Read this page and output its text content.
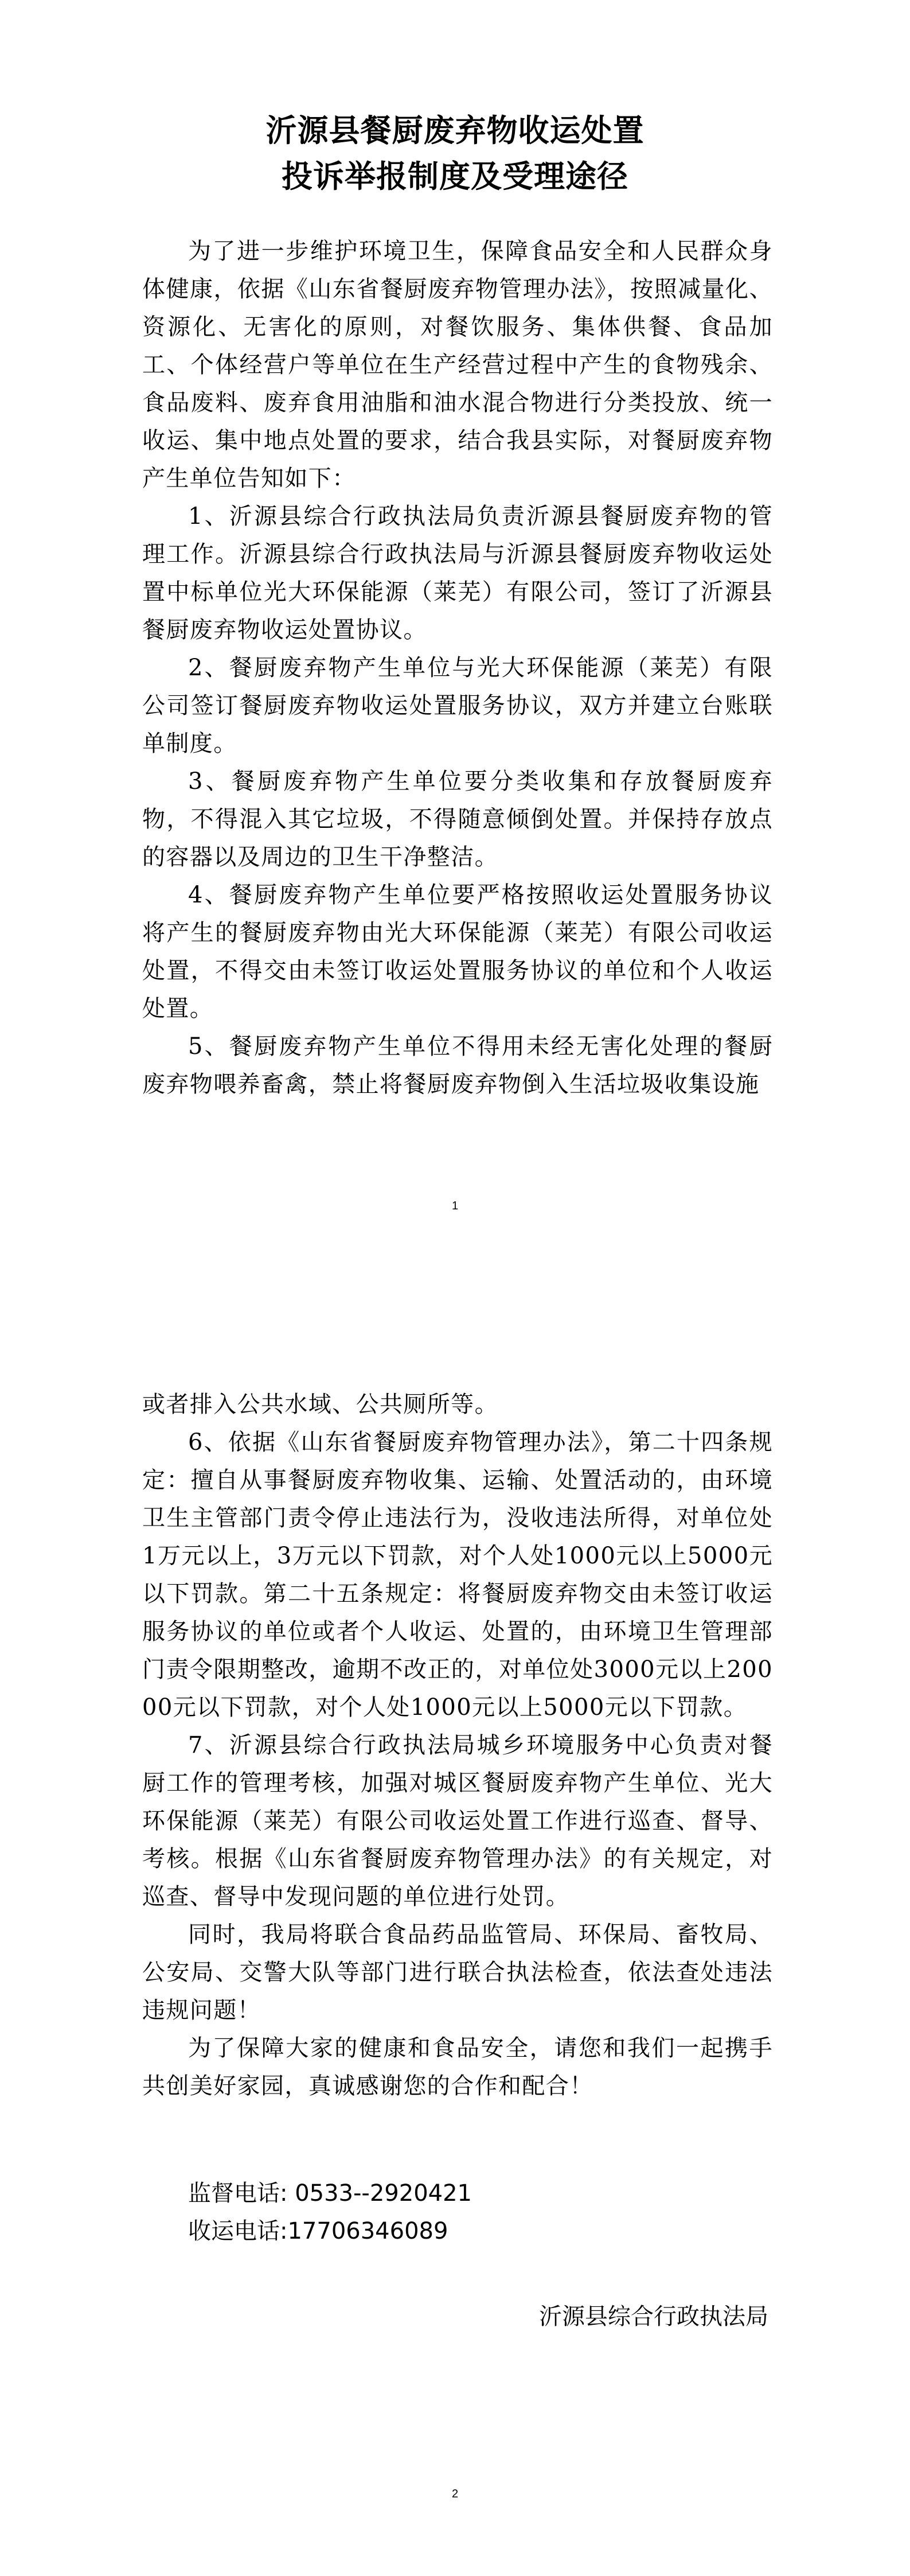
沂源县餐厨废弃物收运处置
投诉举报制度及受理途径

为了进一步维护环境卫生，保障食品安全和人民群众身体健康，依据《山东省餐厨废弃物管理办法》，按照减量化、资源化、无害化的原则，对餐饮服务、集体供餐、食品加工、个体经营户等单位在生产经营过程中产生的食物残余、食品废料、废弃食用油脂和油水混合物进行分类投放、统一收运、集中地点处置的要求，结合我县实际，对餐厨废弃物产生单位告知如下：

1、沂源县综合行政执法局负责沂源县餐厨废弃物的管理工作。沂源县综合行政执法局与沂源县餐厨废弃物收运处置中标单位光大环保能源（莱芜）有限公司，签订了沂源县餐厨废弃物收运处置协议。

2、餐厨废弃物产生单位与光大环保能源（莱芜）有限公司签订餐厨废弃物收运处置服务协议，双方并建立台账联单制度。

3、餐厨废弃物产生单位要分类收集和存放餐厨废弃物，不得混入其它垃圾，不得随意倾倒处置。并保持存放点的容器以及周边的卫生干净整洁。

4、餐厨废弃物产生单位要严格按照收运处置服务协议将产生的餐厨废弃物由光大环保能源（莱芜）有限公司收运处置，不得交由未签订收运处置服务协议的单位和个人收运处置。

5、餐厨废弃物产生单位不得用未经无害化处理的餐厨废弃物喂养畜禽，禁止将餐厨废弃物倒入生活垃圾收集设施

1

或者排入公共水域、公共厕所等。

6、依据《山东省餐厨废弃物管理办法》，第二十四条规定：擅自从事餐厨废弃物收集、运输、处置活动的，由环境卫生主管部门责令停止违法行为，没收违法所得，对单位处1万元以上，3万元以下罚款，对个人处1000元以上5000元以下罚款。第二十五条规定：将餐厨废弃物交由未签订收运服务协议的单位或者个人收运、处置的，由环境卫生管理部门责令限期整改，逾期不改正的，对单位处3000元以上20000元以下罚款，对个人处1000元以上5000元以下罚款。

7、沂源县综合行政执法局城乡环境服务中心负责对餐厨工作的管理考核，加强对城区餐厨废弃物产生单位、光大环保能源（莱芜）有限公司收运处置工作进行巡查、督导、考核。根据《山东省餐厨废弃物管理办法》的有关规定，对巡查、督导中发现问题的单位进行处罚。

同时，我局将联合食品药品监管局、环保局、畜牧局、公安局、交警大队等部门进行联合执法检查，依法查处违法违规问题！

为了保障大家的健康和食品安全，请您和我们一起携手共创美好家园，真诚感谢您的合作和配合！

监督电话: 0533--2920421
收运电话:17706346089
沂源县综合行政执法局
2
